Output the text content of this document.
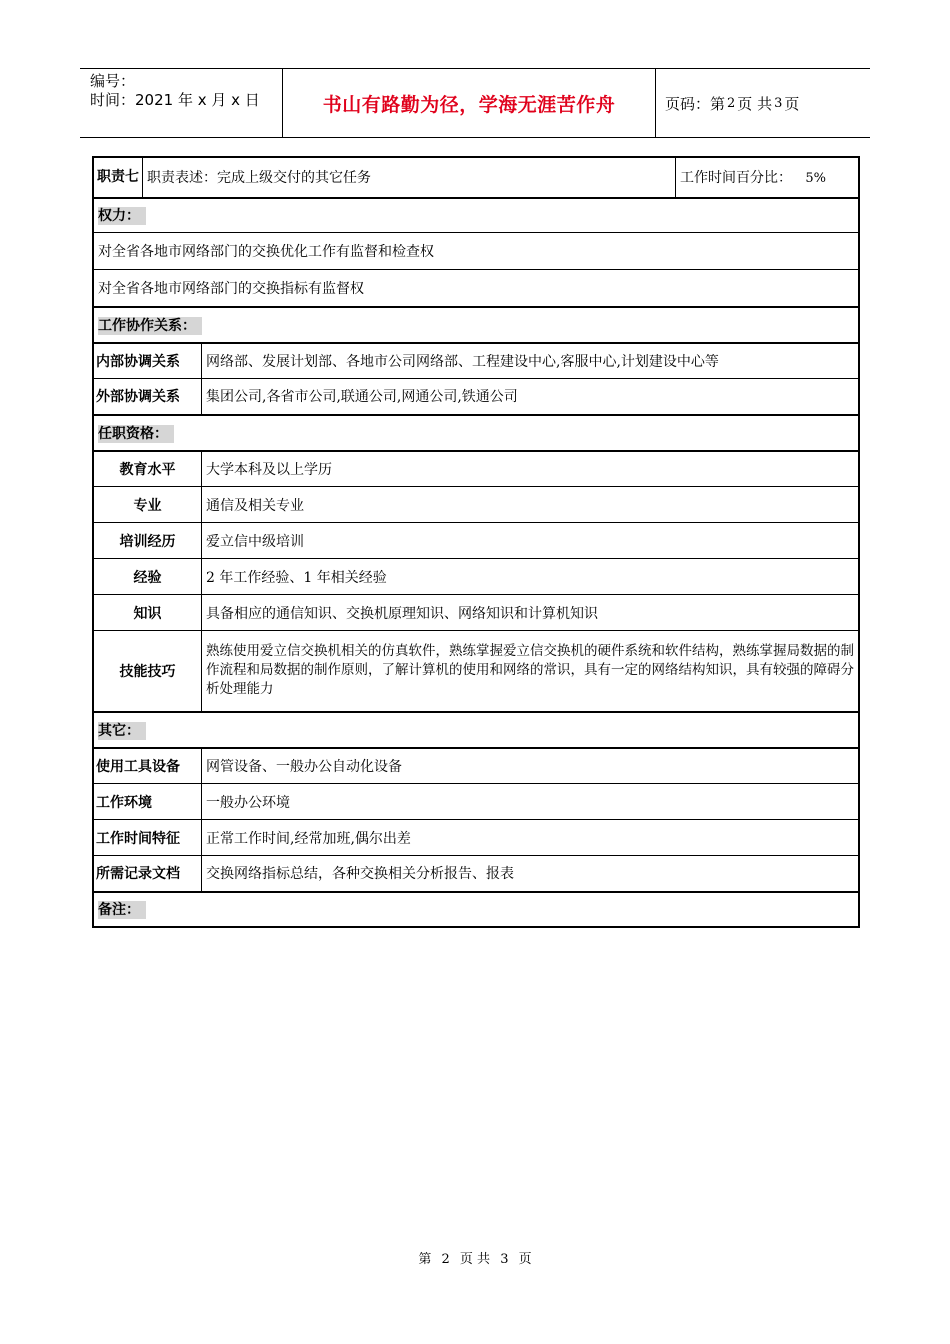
编号：
时间：2021 年 x 月 x 日	书山有路勤为径，学海无涯苦作舟	页码：第 2 页 共 3 页
职责七	职责表述：完成上级交付的其它任务		工作时间百分比： 5%
权力：			
对全省各地市网络部门的交换优化工作有监督和检查权			
对全省各地市网络部门的交换指标有监督权			
工作协作关系：			
内部协调关系		网络部、发展计划部、各地市公司网络部、工程建设中心,客服中心,计划建设中心等	
外部协调关系		集团公司,各省市公司,联通公司,网通公司,铁通公司	
任职资格：			
教育水平		大学本科及以上学历	
专业		通信及相关专业	
培训经历		爱立信中级培训	
经验		2 年工作经验、1 年相关经验	
知识		具备相应的通信知识、交换机原理知识、网络知识和计算机知识	
技能技巧		熟练使用爱立信交换机相关的仿真软件，熟练掌握爱立信交换机的硬件系统和软件结构，熟练掌握局数据的制作流程和局数据的制作原则，了解计算机的使用和网络的常识，具有一定的网络结构知识，具有较强的障碍分析处理能力	
其它：			
使用工具设备		网管设备、一般办公自动化设备	
工作环境		一般办公环境	
工作时间特征		正常工作时间,经常加班,偶尔出差	
所需记录文档		交换网络指标总结，各种交换相关分析报告、报表	
备注：			
第 2 页 共 3 页
